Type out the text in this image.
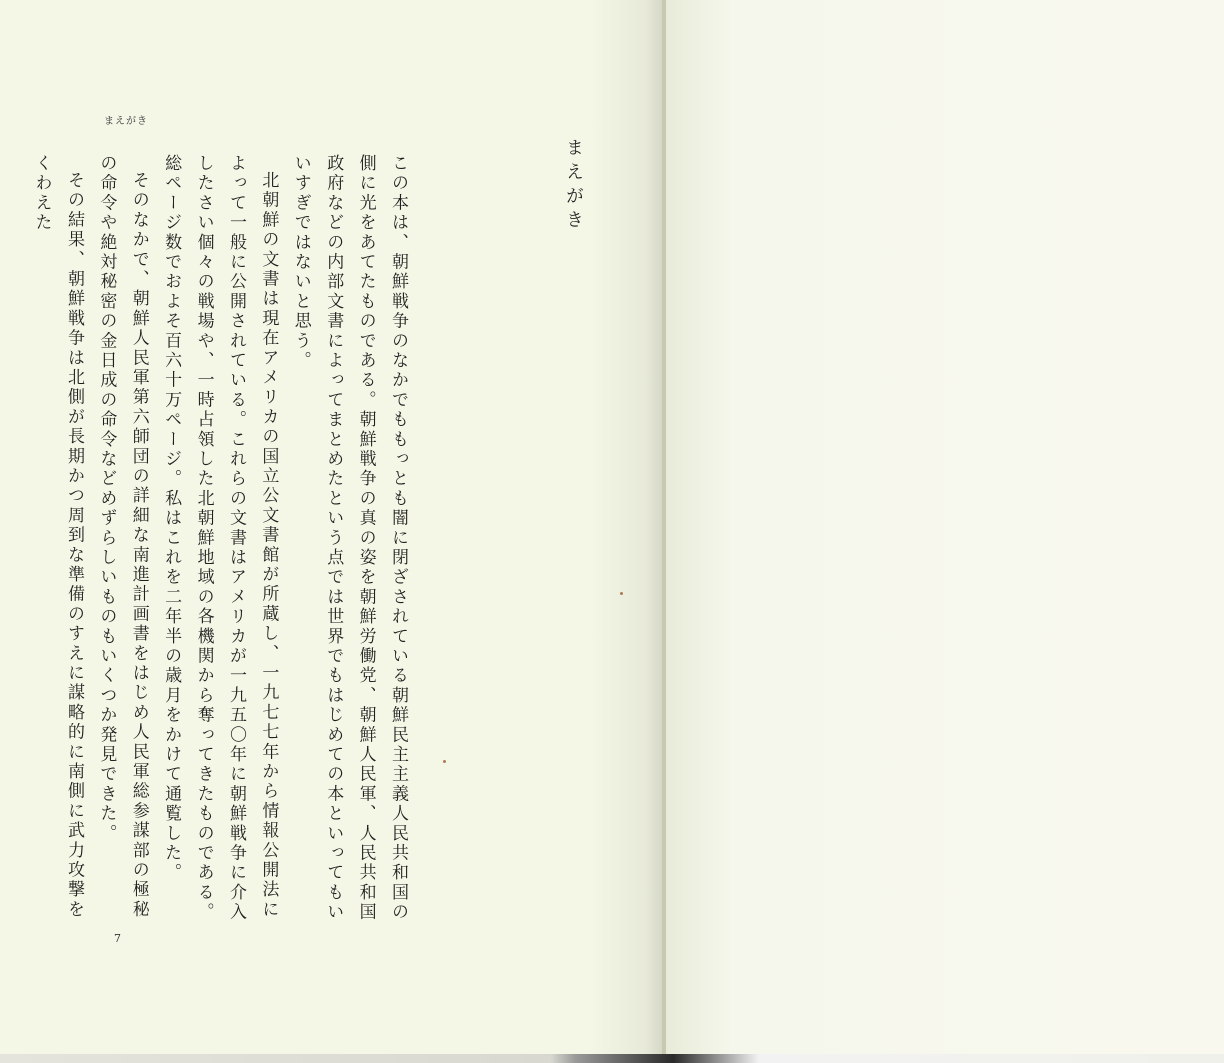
まえがき

この本は、朝鮮戦争のなかでももっとも闇に閉ざされている朝鮮民主主義人民共和国の側に光をあてたものである。朝鮮戦争の真の姿を朝鮮労働党、朝鮮人民軍、人民共和国政府などの内部文書によってまとめたという点では世界でもはじめての本といってもいいすぎではないと思う。

北朝鮮の文書は現在アメリカの国立公文書館が所蔵し、一九七七年から情報公開法によって一般に公開されている。これらの文書はアメリカが一九五〇年に朝鮮戦争に介入したさい個々の戦場や、一時占領した北朝鮮地域の各機関から奪ってきたものである。総ページ数でおよそ百六十万ページ。私はこれを二年半の歳月をかけて通覧した。

そのなかで、朝鮮人民軍第六師団の詳細な南進計画書をはじめ人民軍総参謀部の極秘の命令や絶対秘密の金日成の命令などめずらしいものもいくつか発見できた。

その結果、朝鮮戦争は北側が長期かつ周到な準備のすえに謀略的に南側に武力攻撃をくわえた	まえがき
7
